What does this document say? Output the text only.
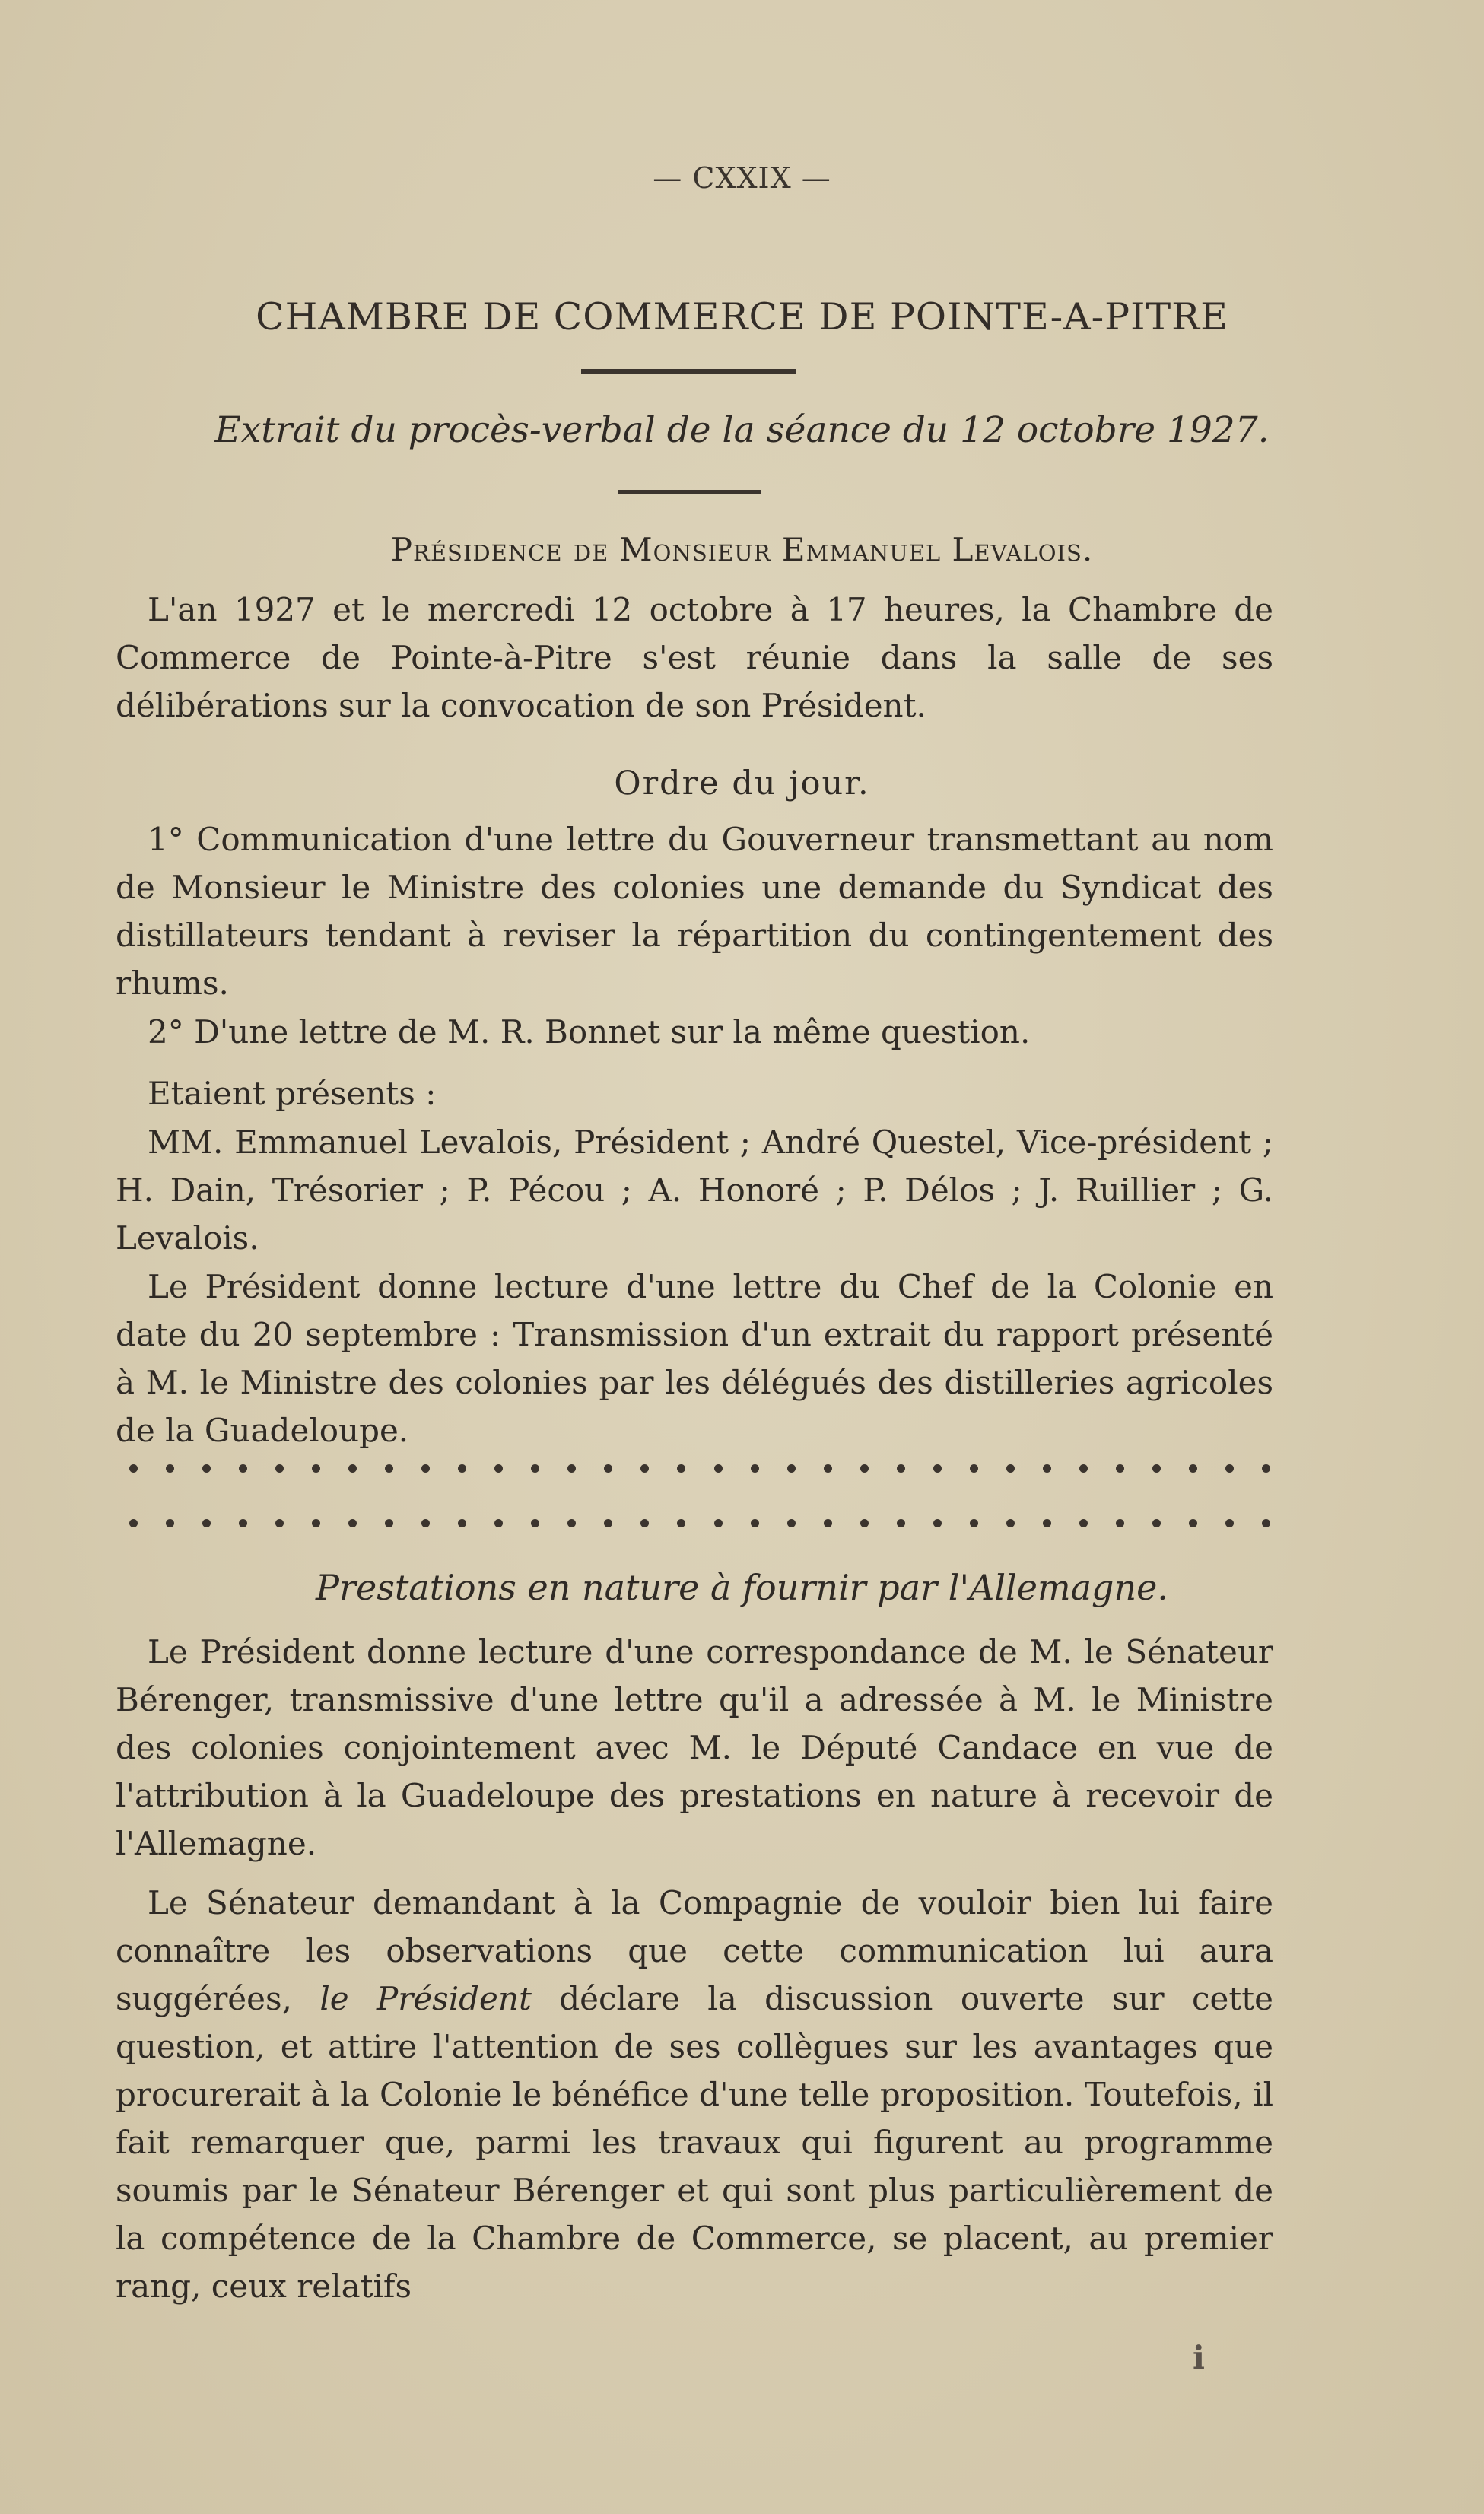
— CXXIX —
CHAMBRE DE COMMERCE DE POINTE-A-PITRE
Extrait du procès-verbal de la séance du 12 octobre 1927.
Présidence de Monsieur Emmanuel Levalois.

L'an 1927 et le mercredi 12 octobre à 17 heures, la Chambre de Commerce de Pointe-à-Pitre s'est réunie dans la salle de ses délibérations sur la convocation de son Président.

Ordre du jour.

1° Communication d'une lettre du Gouverneur transmettant au nom de Monsieur le Ministre des colonies une demande du Syndicat des distillateurs tendant à reviser la répartition du contingentement des rhums.

2° D'une lettre de M. R. Bonnet sur la même question.

Etaient présents :

MM. Emmanuel Levalois, Président ; André Questel, Vice-président ; H. Dain, Trésorier ; P. Pécou ; A. Honoré ; P. Délos ; J. Ruillier ; G. Levalois.

Le Président donne lecture d'une lettre du Chef de la Colonie en date du 20 septembre : Transmission d'un extrait du rapport présenté à M. le Ministre des colonies par les délégués des distilleries agricoles de la Guadeloupe.

Prestations en nature à fournir par l'Allemagne.

Le Président donne lecture d'une correspondance de M. le Sénateur Bérenger, transmissive d'une lettre qu'il a adressée à M. le Ministre des colonies conjointement avec M. le Député Candace en vue de l'attribution à la Guadeloupe des prestations en nature à recevoir de l'Allemagne.

Le Sénateur demandant à la Compagnie de vouloir bien lui faire connaître les observations que cette communication lui aura suggérées, le Président déclare la discussion ouverte sur cette question, et attire l'attention de ses collègues sur les avantages que procurerait à la Colonie le bénéfice d'une telle proposition. Toutefois, il fait remarquer que, parmi les travaux qui figurent au programme soumis par le Sénateur Bérenger et qui sont plus particulièrement de la compétence de la Chambre de Commerce, se placent, au premier rang, ceux relatifs

ℹ
